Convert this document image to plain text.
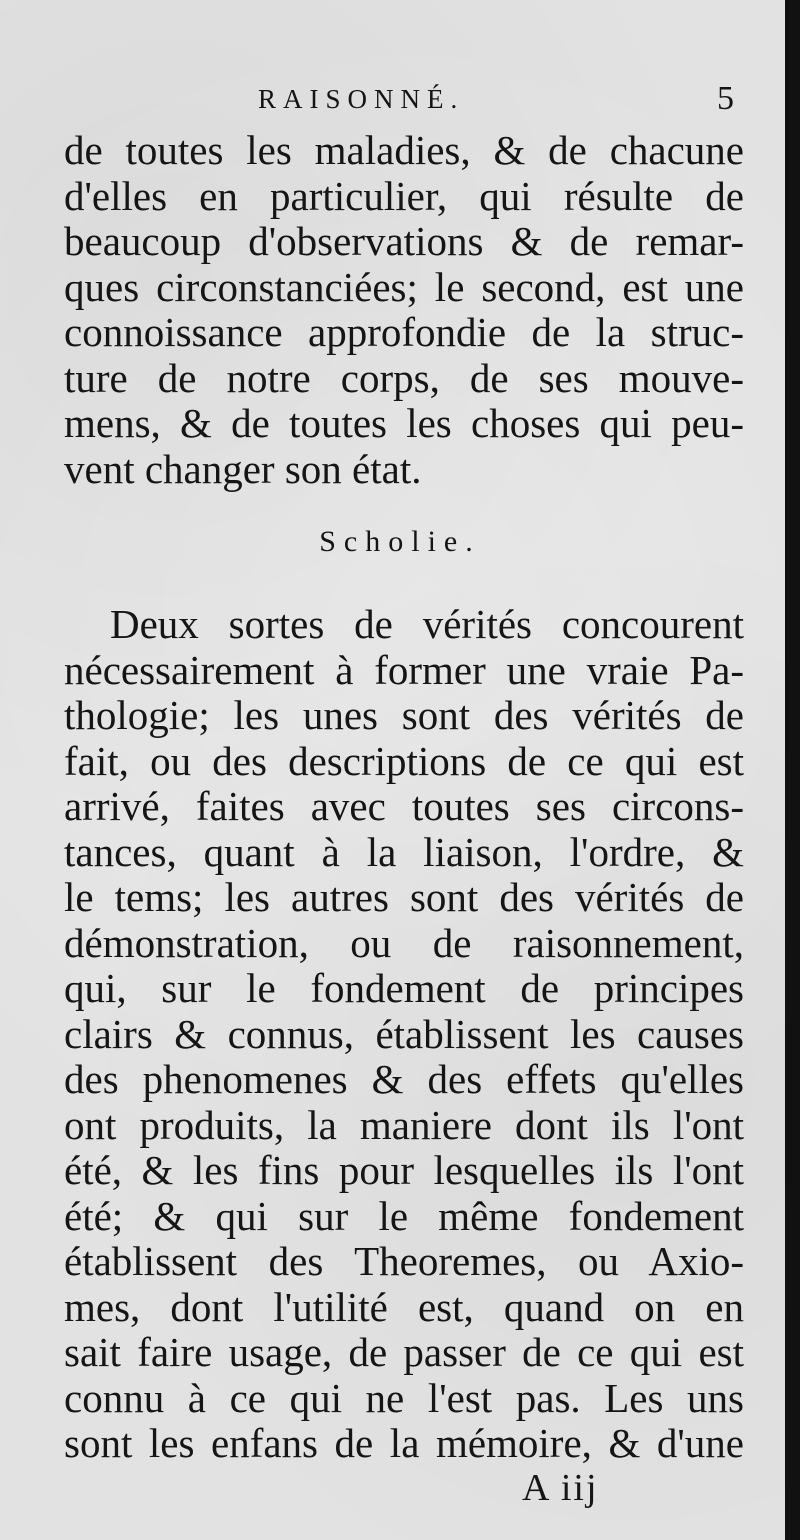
RAISONNÉ.	5
de toutes les maladies, & de chacune
d'elles en particulier, qui résulte de
beaucoup d'observations & de remar-
ques circonstanciées; le second, est une
connoissance approfondie de la struc-
ture de notre corps, de ses mouve-
mens, & de toutes les choses qui peu-
vent changer son état.
Scholie.
Deux sortes de vérités concourent
nécessairement à former une vraie Pa-
thologie; les unes sont des vérités de
fait, ou des descriptions de ce qui est
arrivé, faites avec toutes ses circons-
tances, quant à la liaison, l'ordre, &
le tems; les autres sont des vérités de
démonstration, ou de raisonnement,
qui, sur le fondement de principes
clairs & connus, établissent les causes
des phenomenes & des effets qu'elles
ont produits, la maniere dont ils l'ont
été, & les fins pour lesquelles ils l'ont
été; & qui sur le même fondement
établissent des Theoremes, ou Axio-
mes, dont l'utilité est, quand on en
sait faire usage, de passer de ce qui est
connu à ce qui ne l'est pas. Les uns
sont les enfans de la mémoire, & d'une
A iij
